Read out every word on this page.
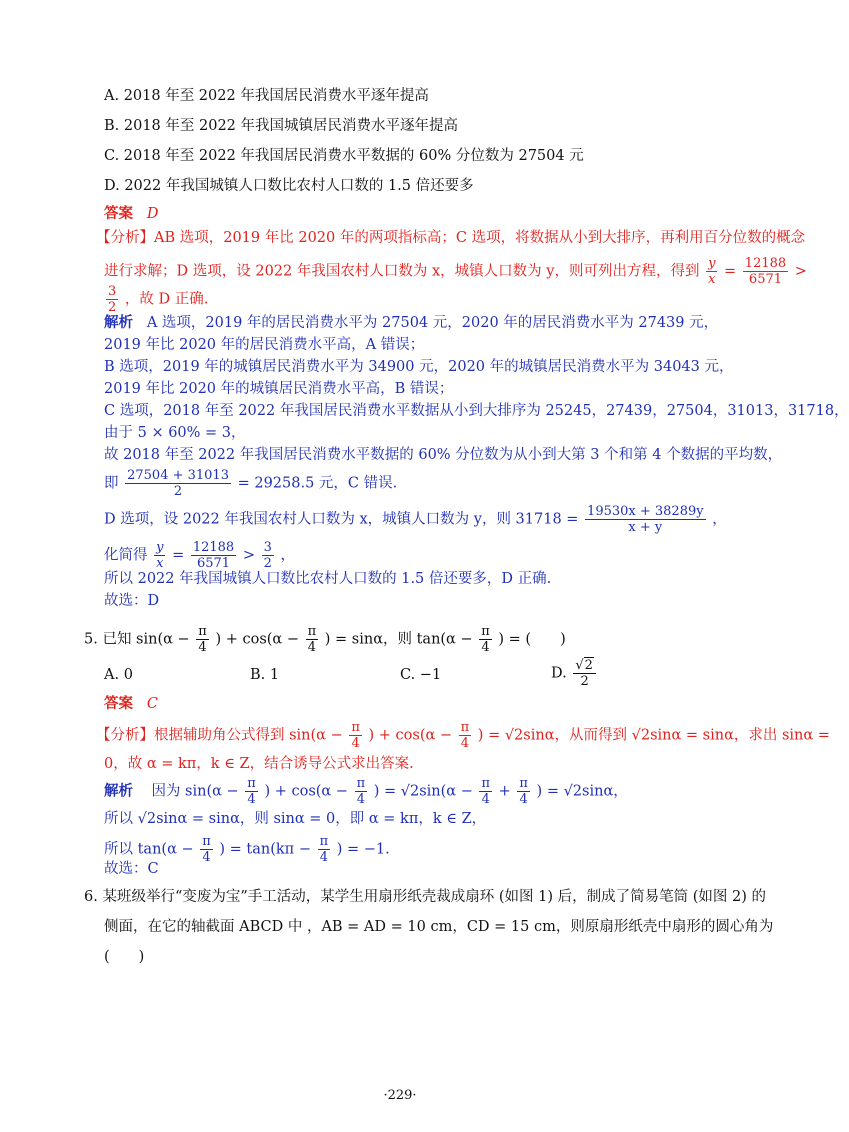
A. 2018 年至 2022 年我国居民消费水平逐年提高
B. 2018 年至 2022 年我国城镇居民消费水平逐年提高
C. 2018 年至 2022 年我国居民消费水平数据的 60% 分位数为 27504 元
D. 2022 年我国城镇人口数比农村人口数的 1.5 倍还要多
答案 D
【分析】AB 选项，2019 年比 2020 年的两项指标高；C 选项，将数据从小到大排序，再利用百分位数的概念
进行求解；D 选项，设 2022 年我国农村人口数为 x，城镇人口数为 y，则可列出方程，得到 $\frac{y}{x} = \frac{12188}{6571}$ >
$\frac{3}{2}$ ，故 D 正确.
解析 A 选项，2019 年的居民消费水平为 27504 元，2020 年的居民消费水平为 27439 元，
2019 年比 2020 年的居民消费水平高，A 错误；
B 选项，2019 年的城镇居民消费水平为 34900 元，2020 年的城镇居民消费水平为 34043 元，
2019 年比 2020 年的城镇居民消费水平高，B 错误；
C 选项，2018 年至 2022 年我国居民消费水平数据从小到大排序为 25245，27439，27504，31013，31718，
由于 5 × 60% = 3，
故 2018 年至 2022 年我国居民消费水平数据的 60% 分位数为从小到大第 3 个和第 4 个数据的平均数，
即 $\frac{27504 + 31013}{2} = 29258.5$ 元，C 错误.
D 选项，设 2022 年我国农村人口数为 x，城镇人口数为 y，则 $31718 = \frac{19530x + 38289y}{x + y}$ ，
化简得 $\frac{y}{x} = \frac{12188}{6571} > \frac{3}{2}$ ，
所以 2022 年我国城镇人口数比农村人口数的 1.5 倍还要多，D 正确.
故选：D
5. 已知 $\sin(\alpha - \frac{\pi}{4}$ ) + $\cos(\alpha - \frac{\pi}{4}$ ) = sinα，则 $\tan(\alpha - \frac{\pi}{4}$ ) = (　　)
A. 0	B. 1	C. −1	D. $\frac{√2}{2}$
答案 C
【分析】根据辅助角公式得到 $\sin(\alpha - \frac{\pi}{4}$ ) + $\cos(\alpha - \frac{\pi}{4}$ ) = √2sinα，从而得到 √2sinα = sinα，求出 sinα =
0，故 α = kπ，k ∈ Z，结合诱导公式求出答案.
解析 因为 $\sin(\alpha - \frac{\pi}{4}$ ) + $\cos(\alpha - \frac{\pi}{4}$ ) = $√2\sin(\alpha - \frac{\pi}{4} + \frac{\pi}{4}$ ) = √2sinα，
所以 √2sinα = sinα，则 sinα = 0，即 α = kπ，k ∈ Z，
所以 $\tan(\alpha - \frac{\pi}{4}$ ) = $\tan(k\pi - \frac{\pi}{4}$ ) = −1.
故选：C
6. 某班级举行“变废为宝”手工活动，某学生用扇形纸壳裁成扇环 (如图 1) 后，制成了简易笔筒 (如图 2) 的
侧面，在它的轴截面 ABCD 中 ，AB = AD = 10 cm，CD = 15 cm，则原扇形纸壳中扇形的圆心角为
(　　)
·229·
